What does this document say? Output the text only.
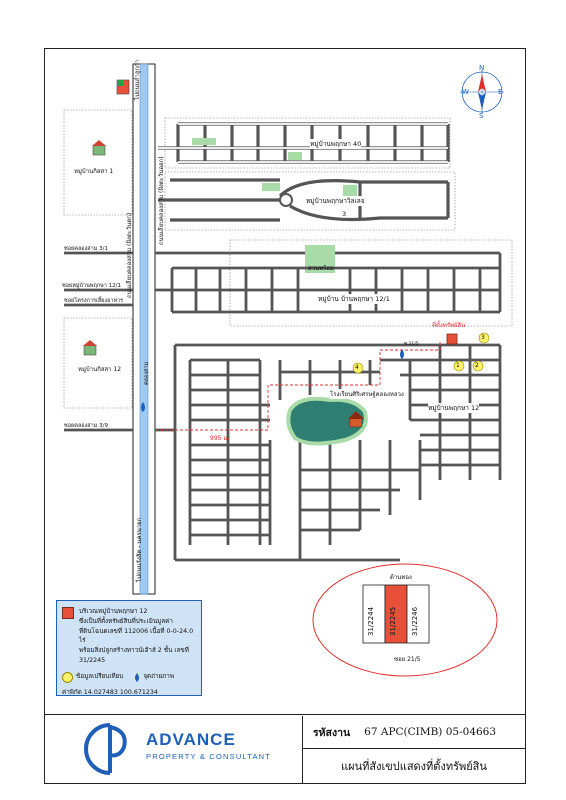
ไปถนนลำลูกกา
ถนนเลียบคลองสาม (ฝั่งตะวันออก)
ถนนเลียบคลองสาม (ฝั่งตะวันตก)
คลองสาม
ไปถนนรังสิต - นครนายก
ซอยคลองสาม 3/1
ซอยหมู่บ้านพฤกษา 12/1
ซอยโครงการเลี้ยงอาหาร
ซอยคลองสาม 3/9
ซ.21/5
หมู่บ้านพฤกษา 40
หมู่บ้านพฤกษาวิลเลจ
3
สวนพร้อม
หมู่บ้าน บ้านพฤกษา 12/1
หมู่บ้านพฤกษา 12
หมู่บ้านกิสสา 1
หมู่บ้านกิสสา 12
โรงเรียนศิริเศรษฐ์คลองหลวง
ที่ตั้งทรัพย์สิน
995 ม.
1	2
3
4
N
S
E
W
ด้านทอง
ซอย 21/5
31/2244 31/2245 31/2246
บริเวณหมู่บ้านพฤกษา 12
ซึ่งเป็นที่ตั้งทรัพย์สินที่ประเมินมูลค่า
ที่ดินโฉนดเลขที่ 112006 เนื้อที่ 0-0-24.0 ไร่
พร้อมสิ่งปลูกสร้างทาวน์เฮ้าส์ 2 ชั้น เลขที่ 31/2245
ข้อมูลเปรียบเทียบ	จุดถ่ายภาพ
ค่าพิกัด 14.027483 100.671234
ADVANCE
PROPERTY & CONSULTANT
รหัสงาน 67 APC(CIMB) 05-04663
แผนที่สังเขปแสดงที่ตั้งทรัพย์สิน
